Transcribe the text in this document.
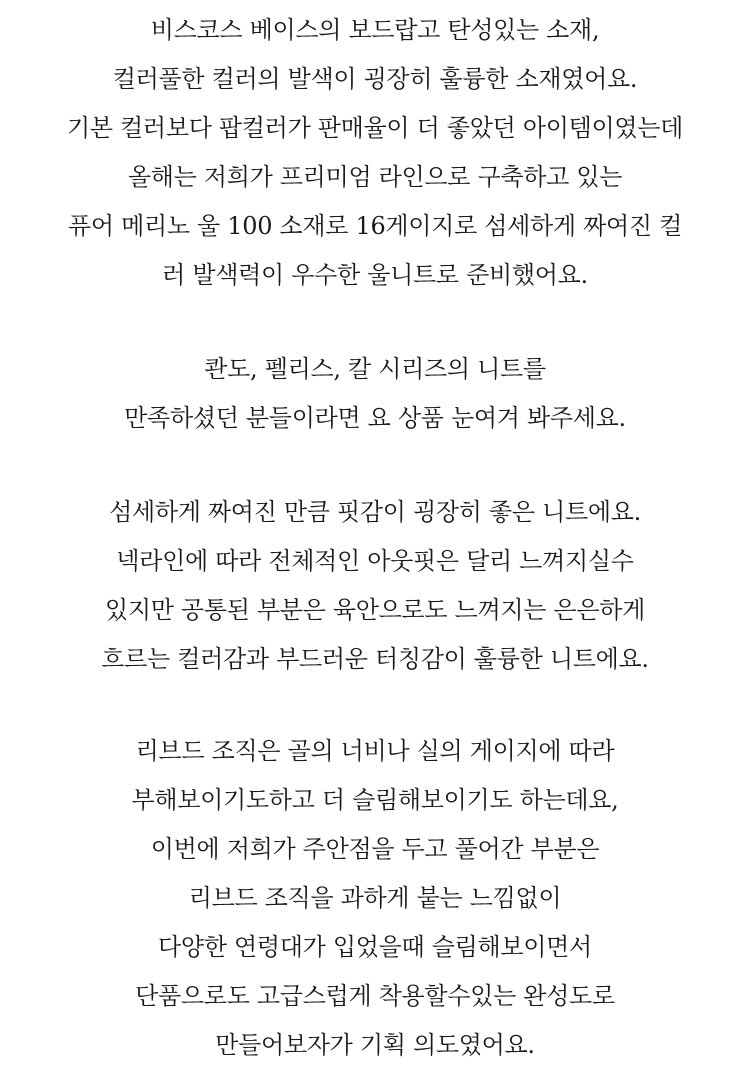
비스코스 베이스의 보드랍고 탄성있는 소재,
컬러풀한 컬러의 발색이 굉장히 훌륭한 소재였어요.
기본 컬러보다 팝컬러가 판매율이 더 좋았던 아이템이였는데
올해는 저희가 프리미엄 라인으로 구축하고 있는
퓨어 메리노 울 100 소재로 16게이지로 섬세하게 짜여진 컬
러 발색력이 우수한 울니트로 준비했어요.
콴도, 펠리스, 칼 시리즈의 니트를
만족하셨던 분들이라면 요 상품 눈여겨 봐주세요.
섬세하게 짜여진 만큼 핏감이 굉장히 좋은 니트에요.
넥라인에 따라 전체적인 아웃핏은 달리 느껴지실수
있지만 공통된 부분은 육안으로도 느껴지는 은은하게
흐르는 컬러감과 부드러운 터칭감이 훌륭한 니트에요.
리브드 조직은 골의 너비나 실의 게이지에 따라
부해보이기도하고 더 슬림해보이기도 하는데요,
이번에 저희가 주안점을 두고 풀어간 부분은
리브드 조직을 과하게 붙는 느낌없이
다양한 연령대가 입었을때 슬림해보이면서
단품으로도 고급스럽게 착용할수있는 완성도로
만들어보자가 기획 의도였어요.
